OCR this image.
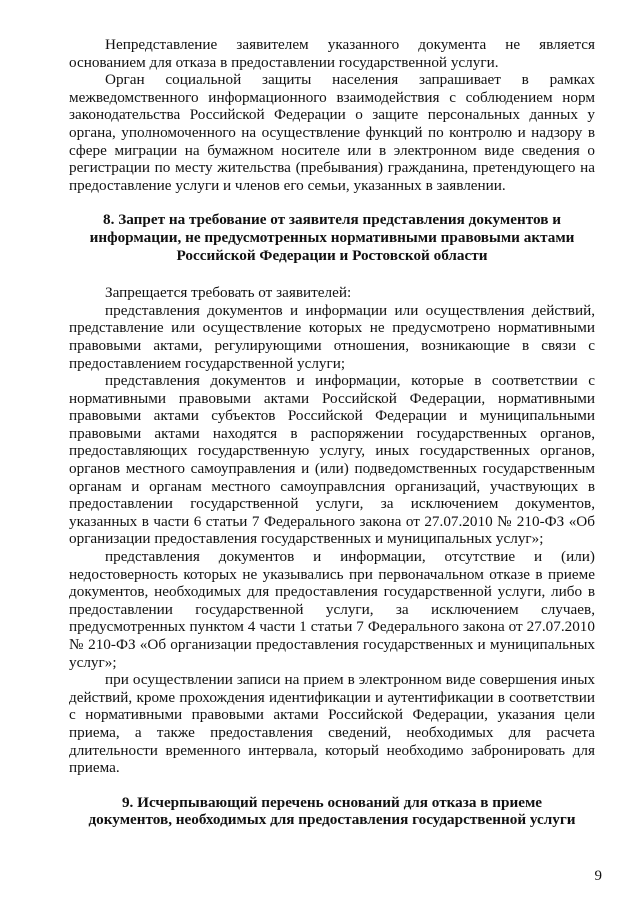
Непредставление заявителем указанного документа не является основанием для отказа в предоставлении государственной услуги.

Орган социальной защиты населения запрашивает в рамках межведомственного информационного взаимодействия с соблюдением норм законодательства Российской Федерации о защите персональных данных у органа, уполномоченного на осуществление функций по контролю и надзору в сфере миграции на бумажном носителе или в электронном виде сведения о регистрации по месту жительства (пребывания) гражданина, претендующего на предоставление услуги и членов его семьи, указанных в заявлении.

8. Запрет на требование от заявителя представления документов и информации, не предусмотренных нормативными правовыми актами Российской Федерации и Ростовской области

Запрещается требовать от заявителей:

представления документов и информации или осуществления действий, представление или осуществление которых не предусмотрено нормативными правовыми актами, регулирующими отношения, возникающие в связи с предоставлением государственной услуги;

представления документов и информации, которые в соответствии с нормативными правовыми актами Российской Федерации, нормативными правовыми актами субъектов Российской Федерации и муниципальными правовыми актами находятся в распоряжении государственных органов, предоставляющих государственную услугу, иных государственных органов, органов местного самоуправления и (или) подведомственных государственным органам и органам местного самоуправлсния организаций, участвующих в предоставлении государственной услуги, за исключением документов, указанных в части 6 статьи 7 Федерального закона от 27.07.2010 № 210-ФЗ «Об организации предоставления государственных и муниципальных услуг»;

представления документов и информации, отсутствие и (или) недостоверность которых не указывались при первоначальном отказе в приеме документов, необходимых для предоставления государственной услуги, либо в предоставлении государственной услуги, за исключением случаев, предусмотренных пунктом 4 части 1 статьи 7 Федерального закона от 27.07.2010 № 210-ФЗ «Об организации предоставления государственных и муниципальных услуг»;

при осуществлении записи на прием в электронном виде совершения иных действий, кроме прохождения идентификации и аутентификации в соответствии с нормативными правовыми актами Российской Федерации, указания цели приема, а также предоставления сведений, необходимых для расчета длительности временного интервала, который необходимо забронировать для приема.

9. Исчерпывающий перечень оснований для отказа в приеме документов, необходимых для предоставления государственной услуги
9
